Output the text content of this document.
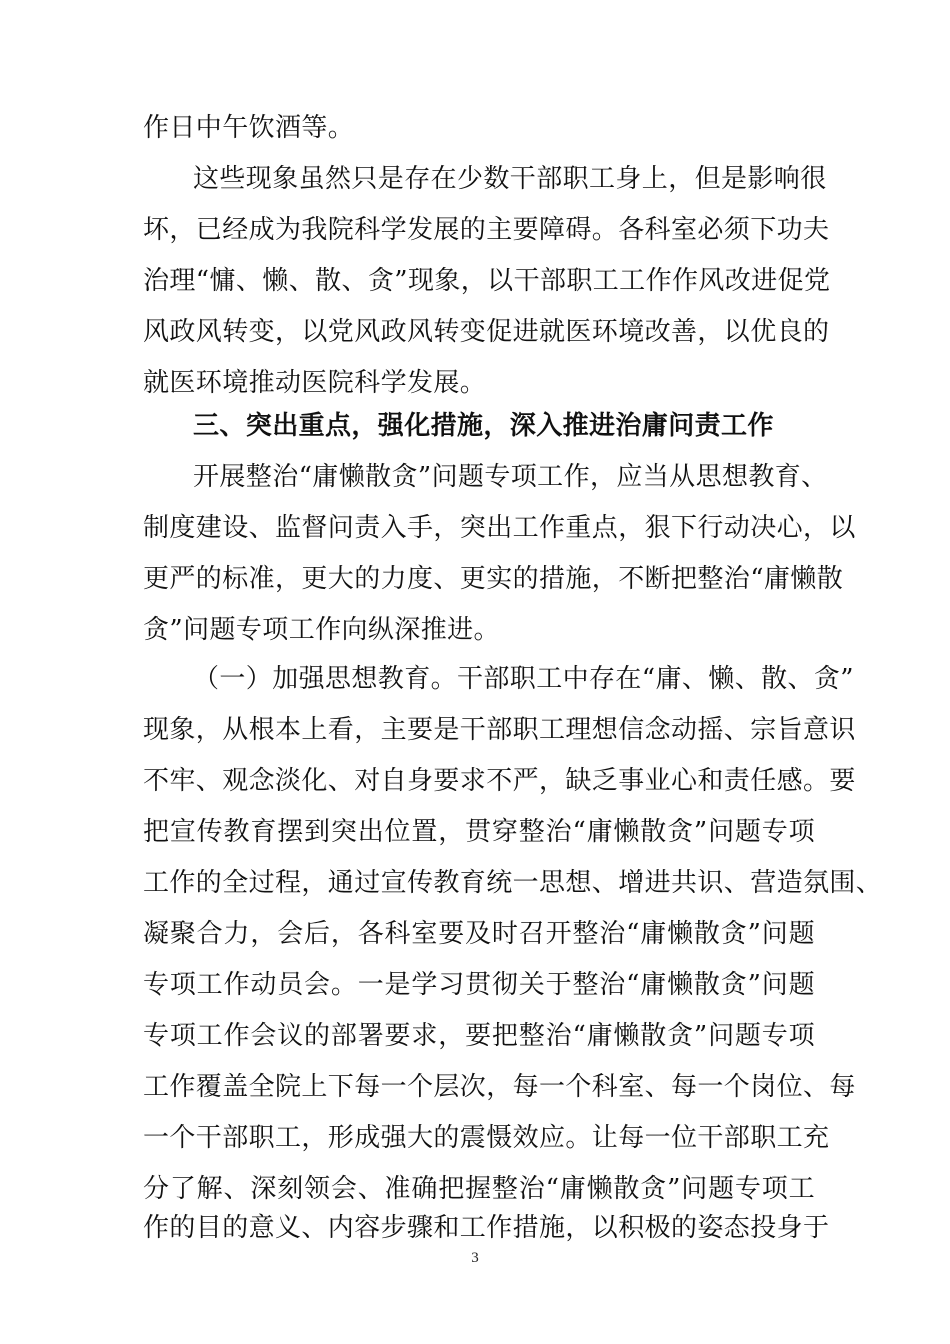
作日中午饮酒等。
这些现象虽然只是存在少数干部职工身上，但是影响很
坏，已经成为我院科学发展的主要障碍。各科室必须下功夫
治理“慵、懒、散、贪”现象，以干部职工工作作风改进促党
风政风转变，以党风政风转变促进就医环境改善，以优良的
就医环境推动医院科学发展。
三、突出重点，强化措施，深入推进治庸问责工作
开展整治“庸懒散贪”问题专项工作，应当从思想教育、
制度建设、监督问责入手，突出工作重点，狠下行动决心，以
更严的标准，更大的力度、更实的措施，不断把整治“庸懒散
贪”问题专项工作向纵深推进。
（一）加强思想教育。干部职工中存在“庸、懒、散、贪”
现象，从根本上看，主要是干部职工理想信念动摇、宗旨意识
不牢、观念淡化、对自身要求不严，缺乏事业心和责任感。要
把宣传教育摆到突出位置，贯穿整治“庸懒散贪”问题专项
工作的全过程，通过宣传教育统一思想、增进共识、营造氛围、
凝聚合力，会后，各科室要及时召开整治“庸懒散贪”问题
专项工作动员会。一是学习贯彻关于整治“庸懒散贪”问题
专项工作会议的部署要求，要把整治“庸懒散贪”问题专项
工作覆盖全院上下每一个层次，每一个科室、每一个岗位、每
一个干部职工，形成强大的震慑效应。让每一位干部职工充
分了解、深刻领会、准确把握整治“庸懒散贪”问题专项工
作的目的意义、内容步骤和工作措施，以积极的姿态投身于
3
